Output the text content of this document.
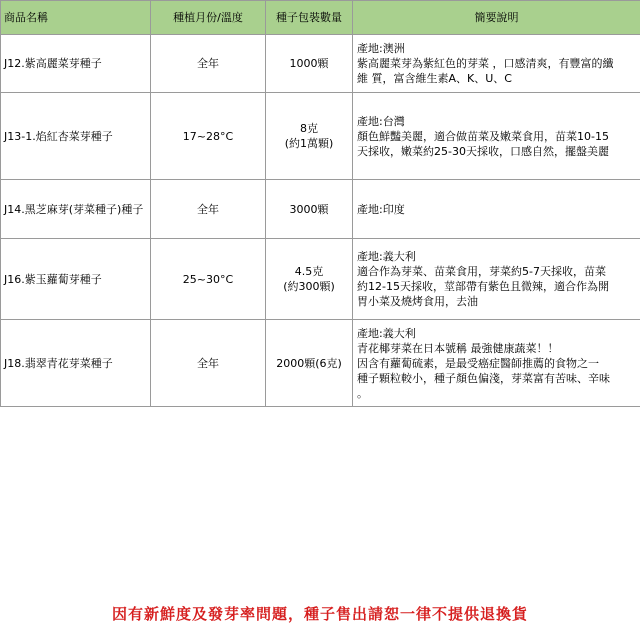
商品名稱	種植月份/溫度	種子包裝數量	簡要說明
J12.紫高麗菜芽種子	全年	1000顆	產地:澳洲
紫高麗菜芽為紫紅色的芽菜 ，口感清爽，有豐富的纖
維 質，富含維生素A、K、U、C

J13-1.焰紅杏菜芽種子	17~28°C	8克
(約1萬顆)	產地:台灣
顏色鮮豔美麗，適合做苗菜及嫩菜食用，苗菜10-15
天採收，嫩菜約25-30天採收，口感自然，擺盤美麗

J14.黑芝麻芽(芽菜種子)種子	全年	3000顆	產地:印度

J16.紫玉蘿蔔芽種子	25~30°C	4.5克
(約300顆)	產地:義大利
適合作為芽菜、苗菜食用，芽菜約5-7天採收，苗菜
約12-15天採收，莖部帶有紫色且微辣，適合作為開
胃小菜及燒烤食用，去油

J18.翡翠青花芽菜種子	全年	2000顆(6克)	產地:義大利
青花椰芽菜在日本號稱 最強健康蔬菜！！
因含有蘿蔔硫素，是最受癌症醫師推薦的食物之一
種子顆粒較小，種子顏色偏淺，芽菜富有苦味、辛味
。
因有新鮮度及發芽率問題，種子售出請恕一律不提供退換貨
